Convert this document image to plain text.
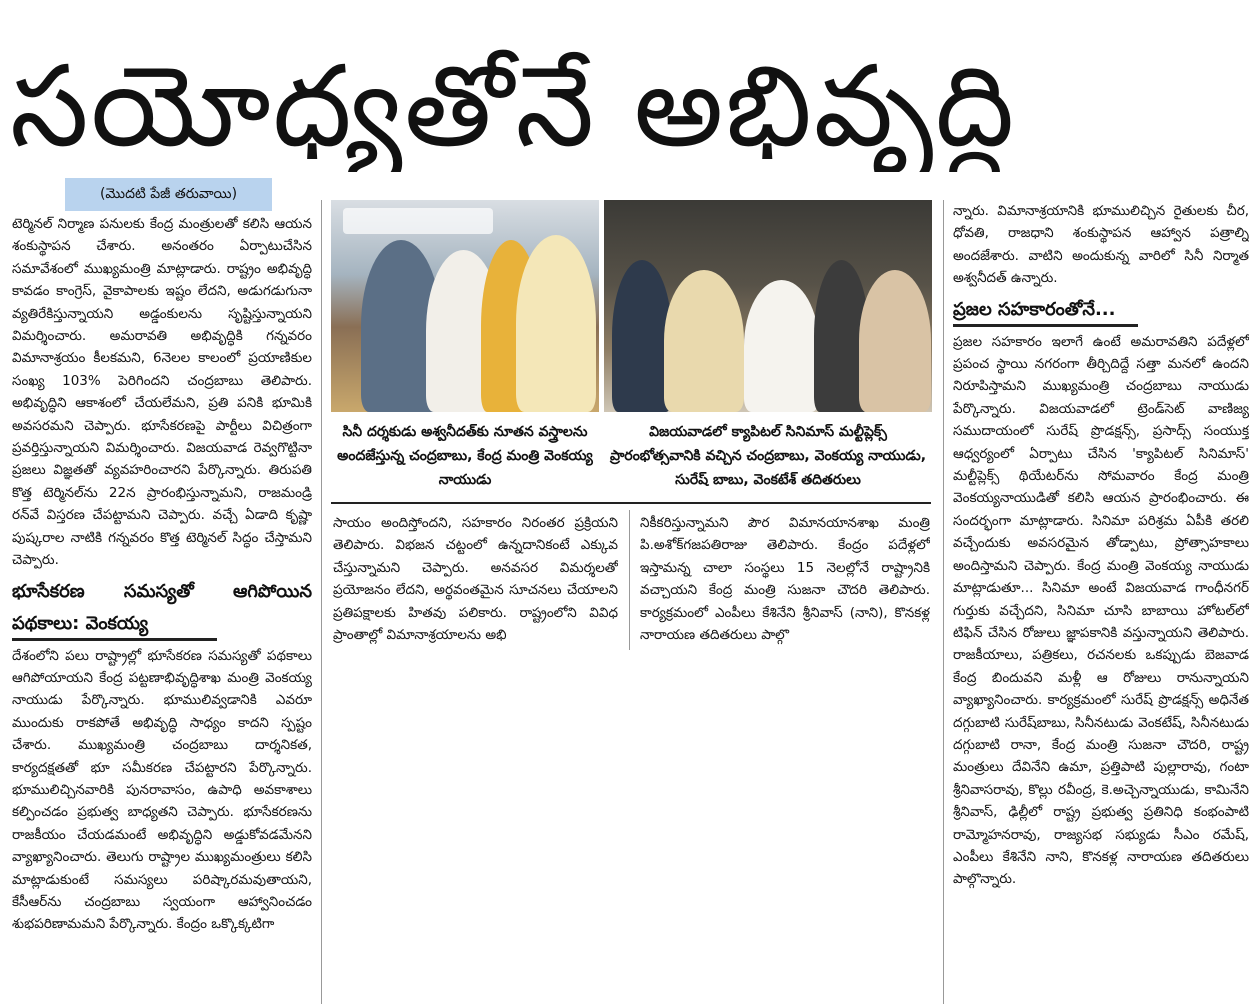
సయోధ్యతోనే అభివృద్ధి
(మొదటి పేజీ తరువాయి)

టెర్మినల్ నిర్మాణ పనులకు కేంద్ర మంత్రులతో కలిసి ఆయన శంకుస్థాపన చేశారు. అనంతరం ఏర్పాటుచేసిన సమావేశంలో ముఖ్యమంత్రి మాట్లాడారు. రాష్ట్రం అభివృద్ధి కావడం కాంగ్రెస్, వైకాపాలకు ఇష్టం లేదని, అడుగడుగునా వ్యతిరేకిస్తున్నాయని అడ్డంకులను సృష్టిస్తున్నాయని విమర్శించారు. అమరావతి అభివృద్ధికి గన్నవరం విమానాశ్రయం కీలకమని, 6నెలల కాలంలో ప్రయాణికుల సంఖ్య 103% పెరిగిందని చంద్రబాబు తెలిపారు. అభివృద్ధిని ఆకాశంలో చేయలేమని, ప్రతి పనికి భూమికి అవసరమని చెప్పారు. భూసేకరణపై పార్టీలు విచిత్రంగా ప్రవర్తిస్తున్నాయని విమర్శించారు. విజయవాడ రెవ్వగొట్టినా ప్రజలు విజ్ఞతతో వ్యవహరించారని పేర్కొన్నారు. తిరుపతి కొత్త టెర్మినల్‌ను 22న ప్రారంభిస్తున్నామని, రాజమండ్రి రన్‌వే విస్తరణ చేపట్టామని చెప్పారు. వచ్చే ఏడాది కృష్ణా పుష్కరాల నాటికి గన్నవరం కొత్త టెర్మినల్ సిద్ధం చేస్తామని చెప్పారు.

భూసేకరణ సమస్యతో ఆగిపోయిన పథకాలు: వెంకయ్య

దేశంలోని పలు రాష్ట్రాల్లో భూసేకరణ సమస్యతో పథకాలు ఆగిపోయాయని కేంద్ర పట్టణాభివృద్ధిశాఖ మంత్రి వెంకయ్య నాయుడు పేర్కొన్నారు. భూములివ్వడానికి ఎవరూ ముందుకు రాకపోతే అభివృద్ధి సాధ్యం కాదని స్పష్టం చేశారు. ముఖ్యమంత్రి చంద్రబాబు దార్శనికత, కార్యదక్షతతో భూ సమీకరణ చేపట్టారని పేర్కొన్నారు. భూములిచ్చినవారికి పునరావాసం, ఉపాధి అవకాశాలు కల్పించడం ప్రభుత్వ బాధ్యతని చెప్పారు. భూసేకరణను రాజకీయం చేయడమంటే అభివృద్ధిని అడ్డుకోవడమేనని వ్యాఖ్యానించారు. తెలుగు రాష్ట్రాల ముఖ్యమంత్రులు కలిసి మాట్లాడుకుంటే సమస్యలు పరిష్కారమవుతాయని, కేసీఆర్‌ను చంద్రబాబు స్వయంగా ఆహ్వానించడం శుభపరిణామమని పేర్కొన్నారు. కేంద్రం ఒక్కొక్కటిగా

సినీ దర్శకుడు అశ్వనీదత్‌కు నూతన వస్త్రాలను అందజేస్తున్న చంద్రబాబు, కేంద్ర మంత్రి వెంకయ్య నాయుడు
విజయవాడలో క్యాపిటల్ సినిమాస్ మల్టీప్లెక్స్ ప్రారంభోత్సవానికి వచ్చిన చంద్రబాబు, వెంకయ్య నాయుడు, సురేష్ బాబు, వెంకటేశ్ తదితరులు
సాయం అందిస్తోందని, సహకారం నిరంతర ప్రక్రియని తెలిపారు. విభజన చట్టంలో ఉన్నదానికంటే ఎక్కువ చేస్తున్నామని చెప్పారు. అనవసర విమర్శలతో ప్రయోజనం లేదని, అర్థవంతమైన సూచనలు చేయాలని ప్రతిపక్షాలకు హితవు పలికారు. రాష్ట్రంలోని వివిధ ప్రాంతాల్లో విమానాశ్రయాలను అభి
నికీకరిస్తున్నామని పౌర విమానయానశాఖ మంత్రి పి.అశోక్‌గజపతిరాజు తెలిపారు. కేంద్రం పదేళ్లలో ఇస్తామన్న చాలా సంస్థలు 15 నెలల్లోనే రాష్ట్రానికి వచ్చాయని కేంద్ర మంత్రి సుజనా చౌదరి తెలిపారు. కార్యక్రమంలో ఎంపీలు కేశినేని శ్రీనివాస్ (నాని), కొనకళ్ల నారాయణ తదితరులు పాల్గొ

న్నారు. విమానాశ్రయానికి భూములిచ్చిన రైతులకు చీర, ధోవతి, రాజధాని శంకుస్థాపన ఆహ్వాన పత్రాల్ని అందజేశారు. వాటిని అందుకున్న వారిలో సినీ నిర్మాత అశ్వనీదత్ ఉన్నారు.

ప్రజల సహకారంతోనే...

ప్రజల సహకారం ఇలాగే ఉంటే అమరావతిని పదేళ్లలో ప్రపంచ స్థాయి నగరంగా తీర్చిదిద్దే సత్తా మనలో ఉందని నిరూపిస్తామని ముఖ్యమంత్రి చంద్రబాబు నాయుడు పేర్కొన్నారు. విజయవాడలో ట్రెండ్‌సెట్ వాణిజ్య సముదాయంలో సురేష్ ప్రొడక్షన్స్, ప్రసాద్స్ సంయుక్త ఆధ్వర్యంలో ఏర్పాటు చేసిన 'క్యాపిటల్ సినిమాస్' మల్టీప్లెక్స్ థియేటర్‌ను సోమవారం కేంద్ర మంత్రి వెంకయ్యనాయుడితో కలిసి ఆయన ప్రారంభించారు. ఈ సందర్భంగా మాట్లాడారు. సినిమా పరిశ్రమ ఏపీకి తరలి వచ్చేందుకు అవసరమైన తోడ్పాటు, ప్రోత్సాహకాలు అందిస్తామని చెప్పారు. కేంద్ర మంత్రి వెంకయ్య నాయుడు మాట్లాడుతూ... సినిమా అంటే విజయవాడ గాంధీనగర్ గుర్తుకు వచ్చేదని, సినిమా చూసి బాబాయి హోటల్‌లో టిఫిన్ చేసిన రోజులు జ్ఞాపకానికి వస్తున్నాయని తెలిపారు. రాజకీయాలు, పత్రికలు, రచనలకు ఒకప్పుడు బెజవాడ కేంద్ర బిందువని మళ్లీ ఆ రోజులు రానున్నాయని వ్యాఖ్యానించారు. కార్యక్రమంలో సురేష్ ప్రొడక్షన్స్ అధినేత దగ్గుబాటి సురేష్‌బాబు, సినీనటుడు వెంకటేష్, సినీనటుడు దగ్గుబాటి రానా, కేంద్ర మంత్రి సుజనా చౌదరి, రాష్ట్ర మంత్రులు దేవినేని ఉమా, ప్రత్తిపాటి పుల్లారావు, గంటా శ్రీనివాసరావు, కొల్లు రవీంద్ర, కె.అచ్చెన్నాయుడు, కామినేని శ్రీనివాస్, ఢిల్లీలో రాష్ట్ర ప్రభుత్వ ప్రతినిధి కంభంపాటి రామ్మోహనరావు, రాజ్యసభ సభ్యుడు సీఎం రమేష్, ఎంపీలు కేశినేని నాని, కొనకళ్ల నారాయణ తదితరులు పాల్గొన్నారు.
